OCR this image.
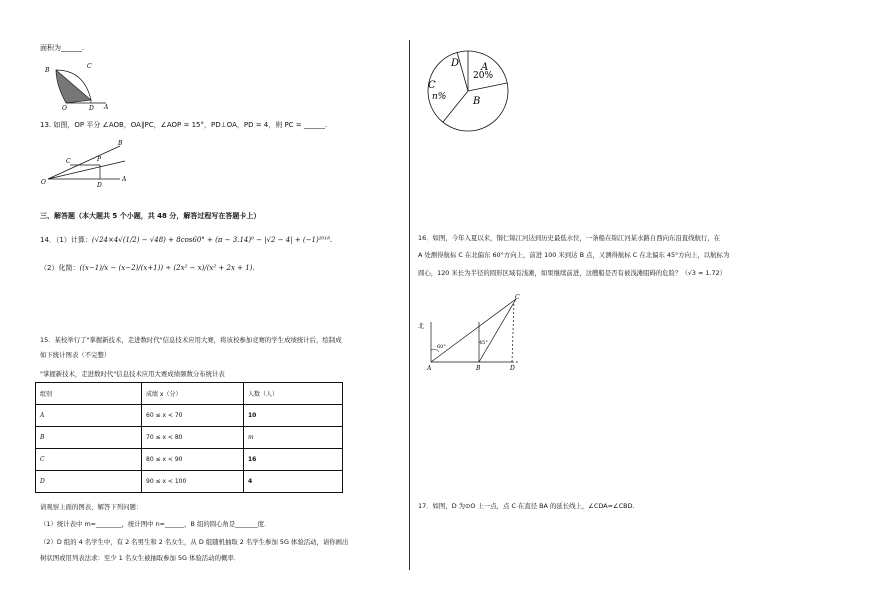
面积为______.
B
C
O	D A
13. 如图，OP 平分 ∠AOB，OA∥PC，∠AOP = 15°，PD⊥OA，PD = 4，则 PC = ______.
B
C	P
O	D
A
三、解答题（本大题共 5 个小题，共 48 分，解答过程写在答题卡上）
14．（1）计算：(√24×4√(1/2) − √48) + 8cos60° + (π − 3.14)⁰ − |√2 − 4| + (−1)²⁰¹⁸.
（2）化简：((x−1)/x − (x−2)/(x+1)) ÷ (2x² − x)/(x² + 2x + 1).
15．某校举行了"掌握新技术，走进数时代"信息技术应用大赛，将该校参加竞赛的学生成绩统计后，绘制成
如下统计图表（不完整）
"掌握新技术，走进数时代"信息技术应用大赛成绩频数分布统计表
组别	成绩 x（分）	人数（人）
A	60 ≤ x < 70	10
B	70 ≤ x < 80	m
C	80 ≤ x < 90	16
D	90 ≤ x < 100	4
请观察上面的图表，解答下列问题：
（1）统计表中 m=________，统计图中 n=______，B 组的圆心角是_______度．
（2）D 组的 4 名学生中，有 2 名男生和 2 名女生，从 D 组随机抽取 2 名学生参加 5G 体验活动，请你画出
树状图或用列表法求：至少 1 名女生被抽取参加 5G 体验活动的概率．
D A
20%
C
n%	B
16．如图，今年入夏以来，铜仁锦江河达到历史最低水位，一条船在锦江河某水路自西向东沿直线航行，在
A 处测得航标 C 在北偏东 60°方向上，前进 100 米到达 B 点，又测得航标 C 在北偏东 45°方向上，以航标为
圆心，120 米长为半径的圆形区域有浅滩，如果继续前进，这艘船是否有被浅滩阻碍的危险？（√3 ≈ 1.72）
北
60°
45°
A	B
C
D
17．如图，D 为⊙O 上一点，点 C 在直径 BA 的延长线上，∠CDA=∠CBD.
